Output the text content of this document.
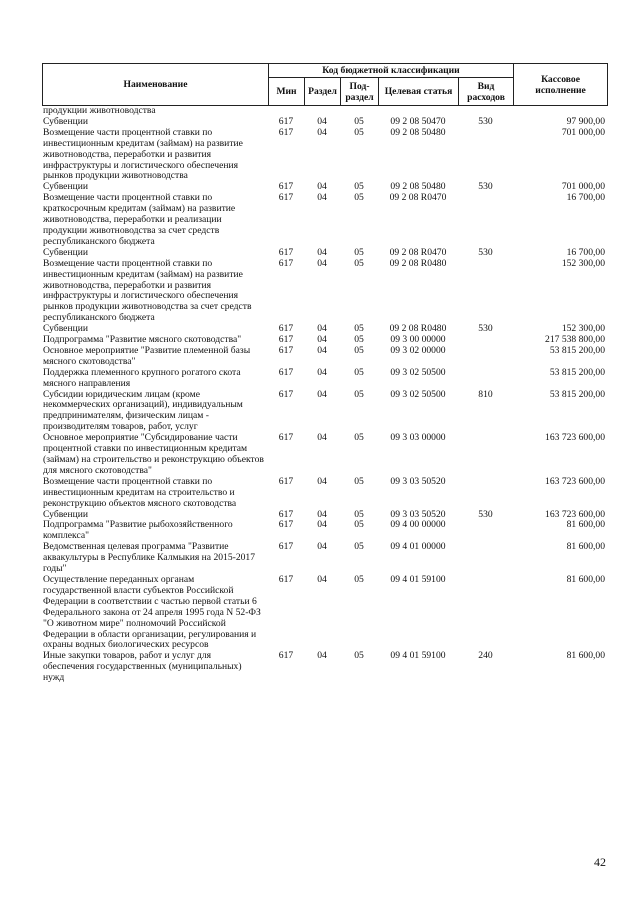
Наименование	Код бюджетной классификации					Кассовое исполнение
	Мин	Раздел	Под-раздел	Целевая статья	Вид расходов	
продукции животноводства						
Субвенции	617	04	05	09 2 08 50470	530	97 900,00
Возмещение части процентной ставки по инвестиционным кредитам (займам) на развитие животноводства, переработки и развития инфраструктуры и логистического обеспечения рынков продукции животноводства	617	04	05	09 2 08 50480		701 000,00
Субвенции	617	04	05	09 2 08 50480	530	701 000,00
Возмещение части процентной ставки по краткосрочным кредитам (займам) на развитие животноводства, переработки и реализации продукции животноводства за счет средств республиканского бюджета	617	04	05	09 2 08 R0470		16 700,00
Субвенции	617	04	05	09 2 08 R0470	530	16 700,00
Возмещение части процентной ставки по инвестиционным кредитам (займам) на развитие животноводства, переработки и развития инфраструктуры и логистического обеспечения рынков продукции животноводства за счет средств республиканского бюджета	617	04	05	09 2 08 R0480		152 300,00
Субвенции	617	04	05	09 2 08 R0480	530	152 300,00
Подпрограмма "Развитие мясного скотоводства"	617	04	05	09 3 00 00000		217 538 800,00
Основное мероприятие "Развитие племенной базы мясного скотоводства"	617	04	05	09 3 02 00000		53 815 200,00
Поддержка племенного крупного рогатого скота мясного направления	617	04	05	09 3 02 50500		53 815 200,00
Субсидии юридическим лицам (кроме некоммерческих организаций), индивидуальным предпринимателям, физическим лицам - производителям товаров, работ, услуг	617	04	05	09 3 02 50500	810	53 815 200,00
Основное мероприятие "Субсидирование части процентной ставки по инвестиционным кредитам (займам) на строительство и реконструкцию объектов для мясного скотоводства"	617	04	05	09 3 03 00000		163 723 600,00
Возмещение части процентной ставки по инвестиционным кредитам на строительство и реконструкцию объектов мясного скотоводства	617	04	05	09 3 03 50520		163 723 600,00
Субвенции	617	04	05	09 3 03 50520	530	163 723 600,00
Подпрограмма "Развитие рыбохозяйственного комплекса"	617	04	05	09 4 00 00000		81 600,00
Ведомственная целевая программа "Развитие аквакультуры в Республике Калмыкия на 2015-2017 годы"	617	04	05	09 4 01 00000		81 600,00
Осуществление переданных органам государственной власти субъектов Российской Федерации в соответствии с частью первой статьи 6 Федерального закона от 24 апреля 1995 года N 52-ФЗ "О животном мире" полномочий Российской Федерации в области организации, регулирования и охраны водных биологических ресурсов	617	04	05	09 4 01 59100		81 600,00
Иные закупки товаров, работ и услуг для обеспечения государственных (муниципальных) нужд	617	04	05	09 4 01 59100	240	81 600,00
42
